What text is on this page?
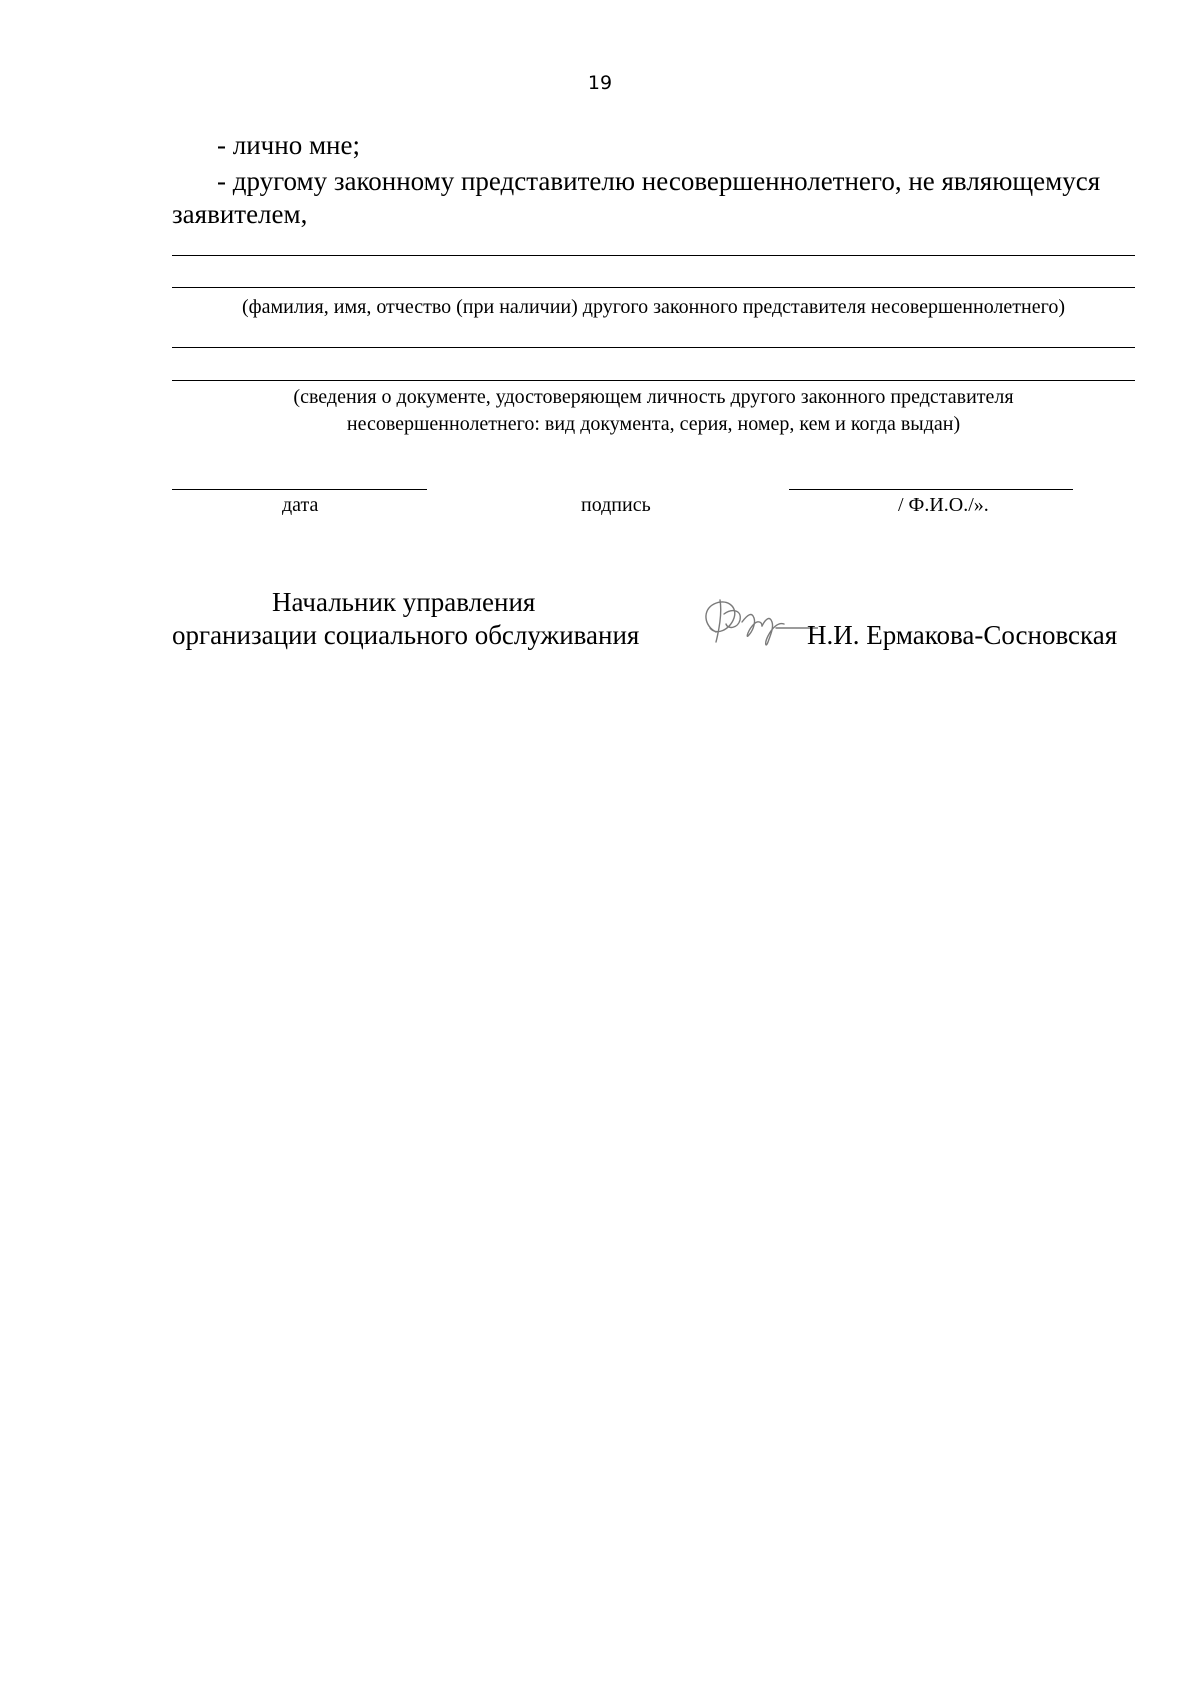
19
- лично мне;
- другому законному представителю несовершеннолетнего, не являющемуся
заявителем,
(фамилия, имя, отчество (при наличии) другого законного представителя несовершеннолетнего)
(сведения о документе, удостоверяющем личность другого законного представителя
несовершеннолетнего: вид документа, серия, номер, кем и когда выдан)
дата	подпись	/ Ф.И.О./».
Начальник управления
организации социального обслуживания	Н.И. Ермакова-Сосновская
